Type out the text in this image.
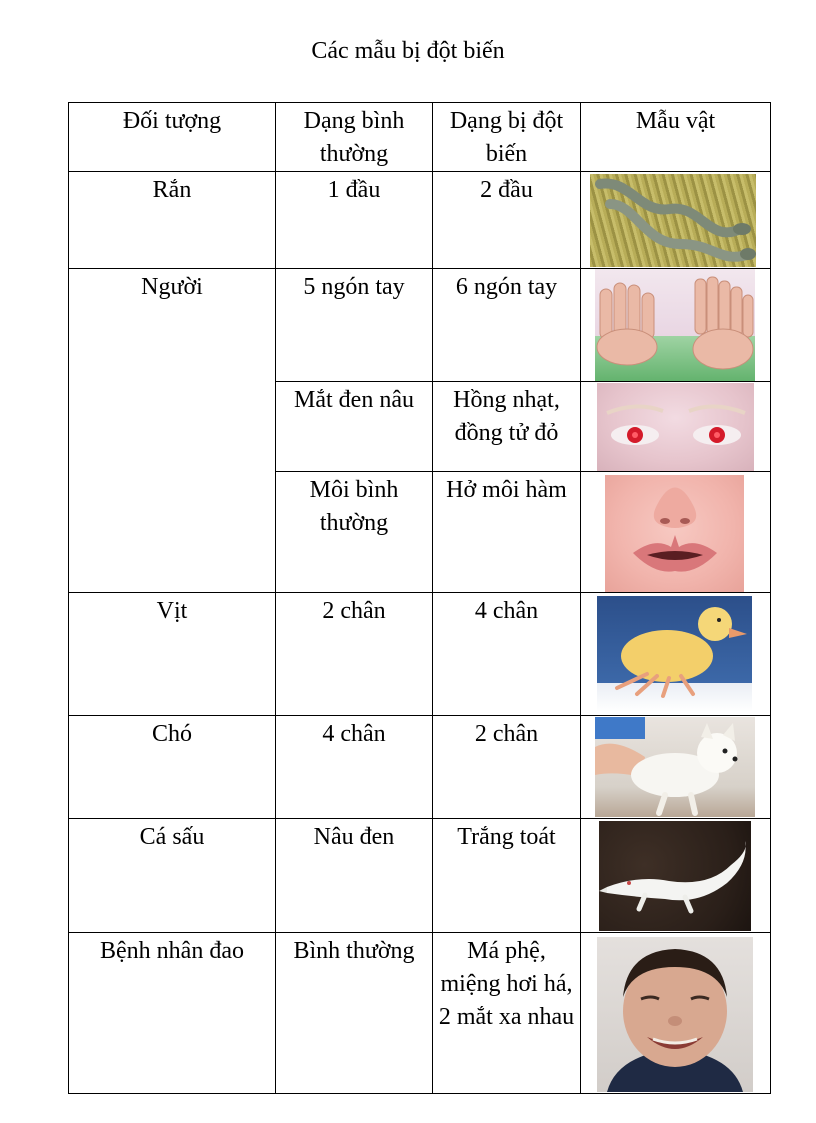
Các mẫu bị đột biến
Đối tượng	Dạng bình thường	Dạng bị đột biến	Mẫu vật
Rắn	1 đầu	2 đầu	

Người	5 ngón tay	6 ngón tay	

	Mắt đen nâu	Hồng nhạt, đồng tử đỏ	

	Môi bình thường	Hở môi hàm	

Vịt	2 chân	4 chân	

Chó	4 chân	2 chân	

Cá sấu	Nâu đen	Trắng toát	

Bệnh nhân đao	Bình thường	Má phệ, miệng hơi há, 2 mắt xa nhau	
